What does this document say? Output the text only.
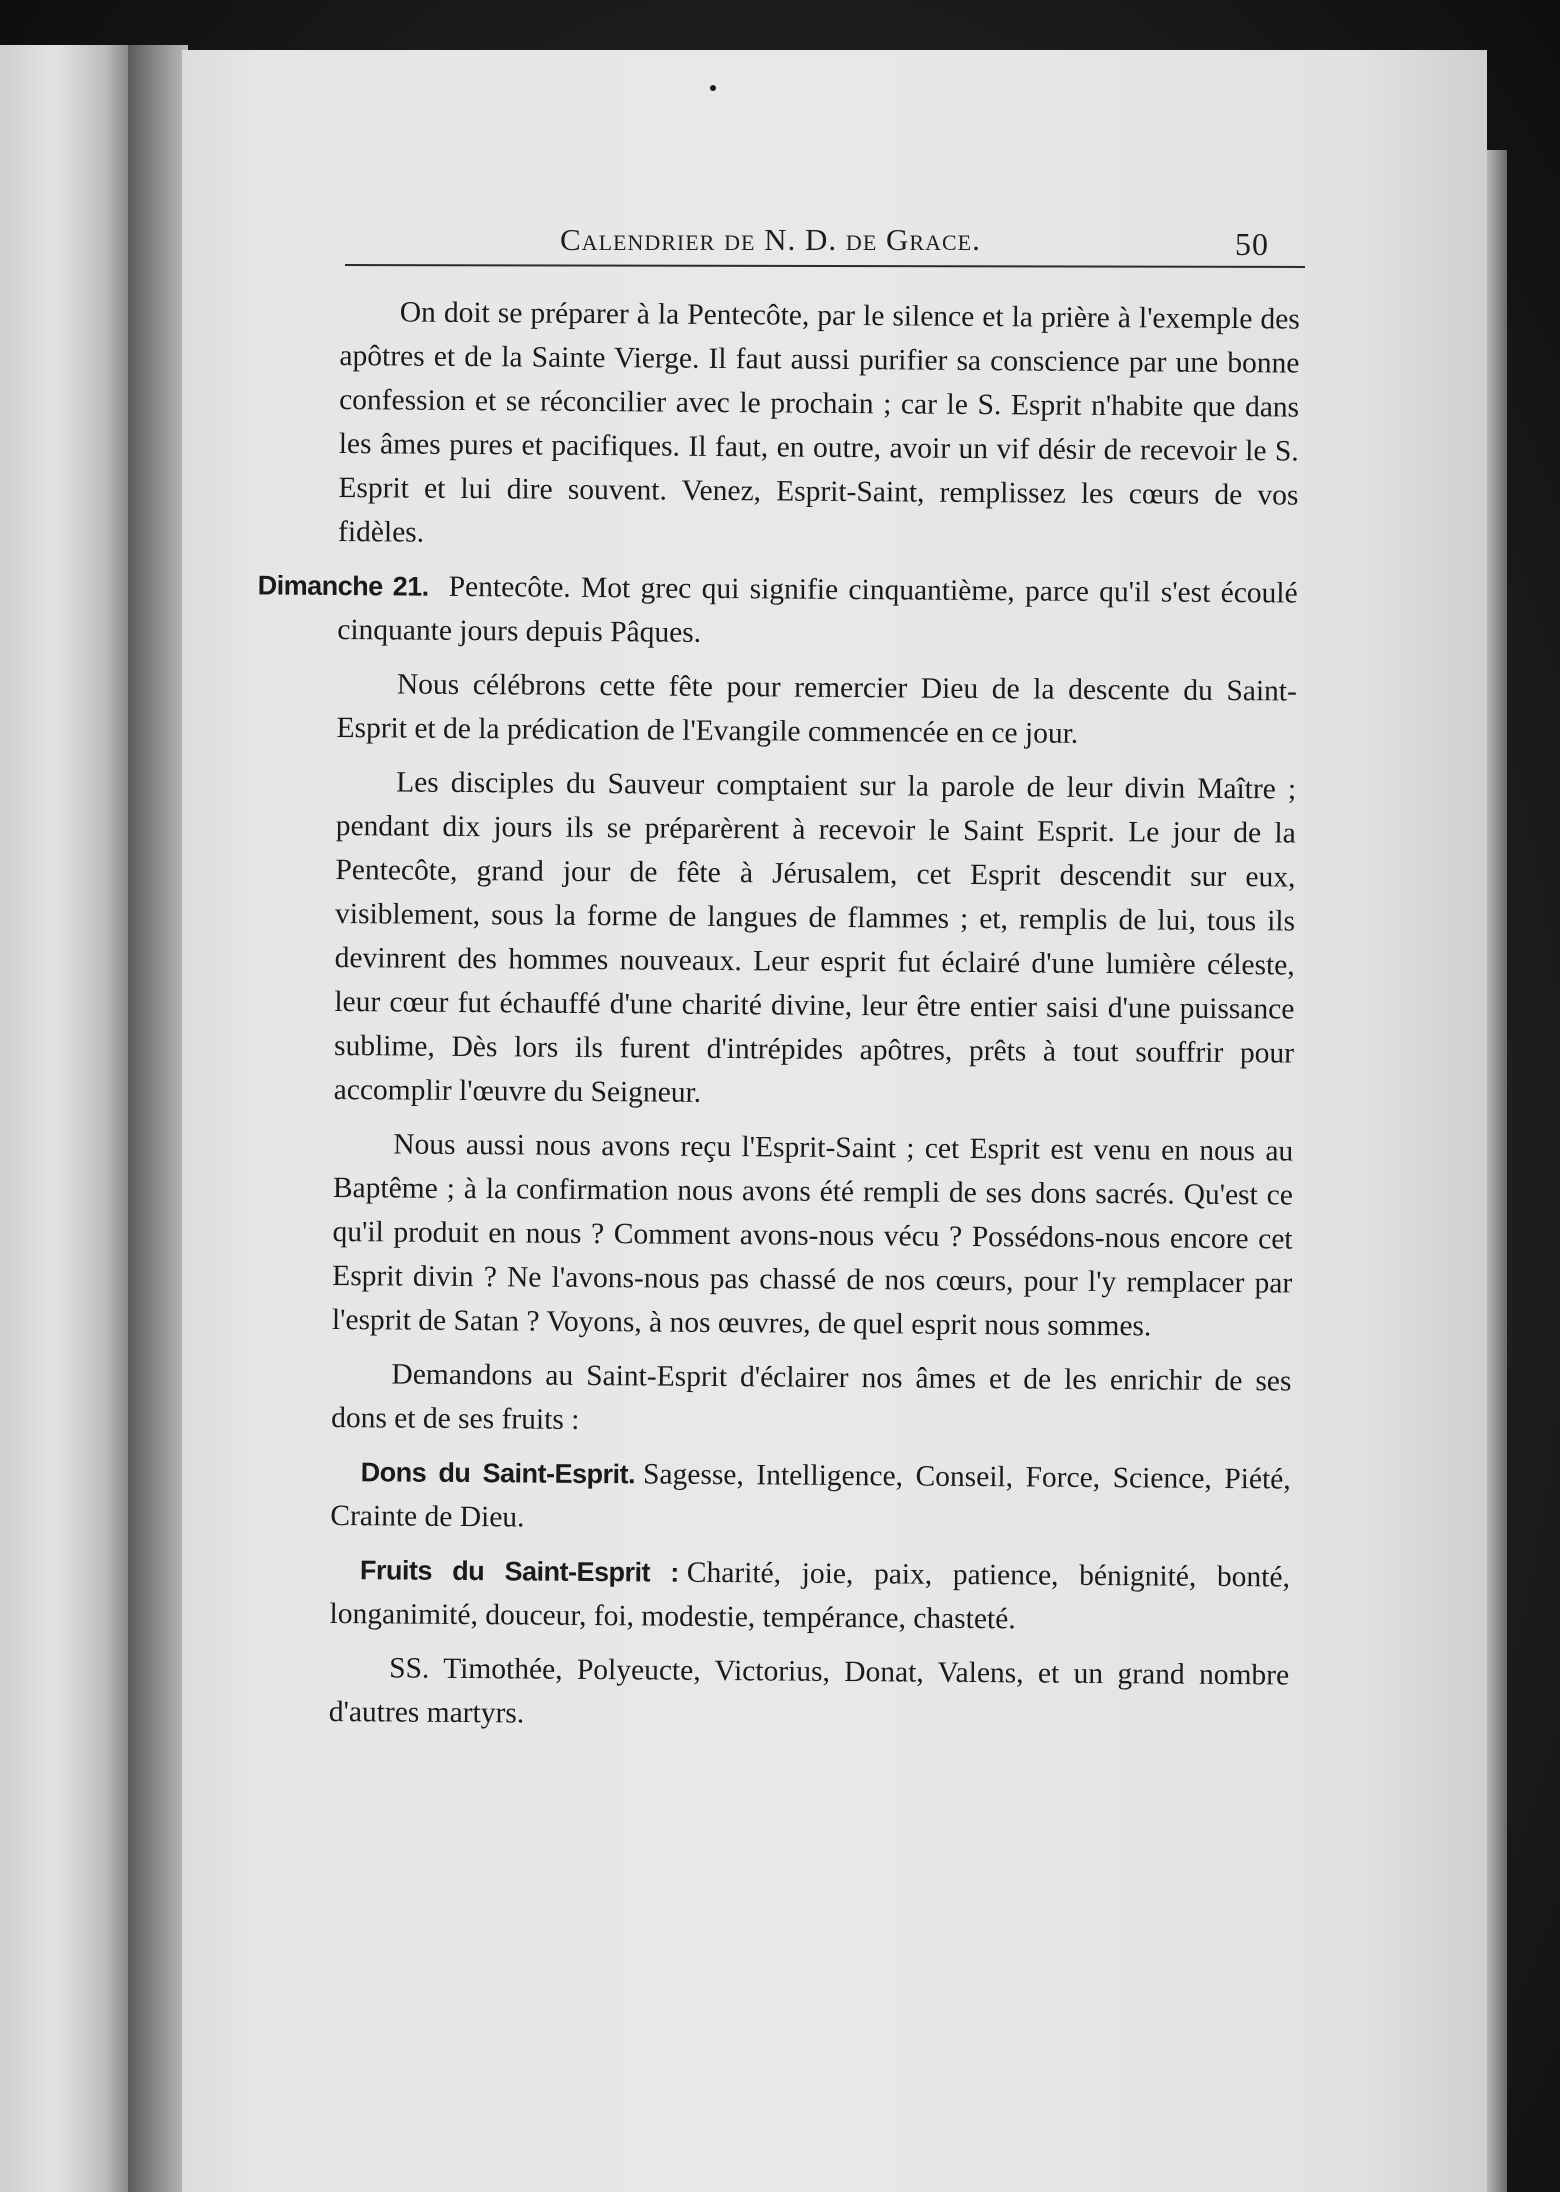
Calendrier de N. D. de Grace.	50

On doit se préparer à la Pentecôte, par le silence et la prière à l'exemple des apôtres et de la Sainte Vierge. Il faut aussi purifier sa conscience par une bonne confession et se réconcilier avec le prochain ; car le S. Esprit n'habite que dans les âmes pures et pacifiques. Il faut, en outre, avoir un vif désir de recevoir le S. Esprit et lui dire souvent. Venez, Esprit-Saint, remplissez les cœurs de vos fidèles.

Dimanche 21. Pentecôte. Mot grec qui signifie cinquantième, parce qu'il s'est écoulé cinquante jours depuis Pâques.

Nous célébrons cette fête pour remercier Dieu de la descente du Saint-Esprit et de la prédication de l'Evangile commencée en ce jour.

Les disciples du Sauveur comptaient sur la parole de leur divin Maître ; pendant dix jours ils se préparèrent à recevoir le Saint Esprit. Le jour de la Pentecôte, grand jour de fête à Jérusalem, cet Esprit descendit sur eux, visiblement, sous la forme de langues de flammes ; et, remplis de lui, tous ils devinrent des hommes nouveaux. Leur esprit fut éclairé d'une lumière céleste, leur cœur fut échauffé d'une charité divine, leur être entier saisi d'une puissance sublime, Dès lors ils furent d'intrépides apôtres, prêts à tout souffrir pour accomplir l'œuvre du Seigneur.

Nous aussi nous avons reçu l'Esprit-Saint ; cet Esprit est venu en nous au Baptême ; à la confirmation nous avons été rempli de ses dons sacrés. Qu'est ce qu'il produit en nous ? Comment avons-nous vécu ? Possédons-nous encore cet Esprit divin ? Ne l'avons-nous pas chassé de nos cœurs, pour l'y remplacer par l'esprit de Satan ? Voyons, à nos œuvres, de quel esprit nous sommes.

Demandons au Saint-Esprit d'éclairer nos âmes et de les enrichir de ses dons et de ses fruits :

Dons du Saint-Esprit. Sagesse, Intelligence, Conseil, Force, Science, Piété, Crainte de Dieu.

Fruits du Saint-Esprit : Charité, joie, paix, patience, bénignité, bonté, longanimité, douceur, foi, modestie, tempérance, chasteté.

SS. Timothée, Polyeucte, Victorius, Donat, Valens, et un grand nombre d'autres martyrs.
